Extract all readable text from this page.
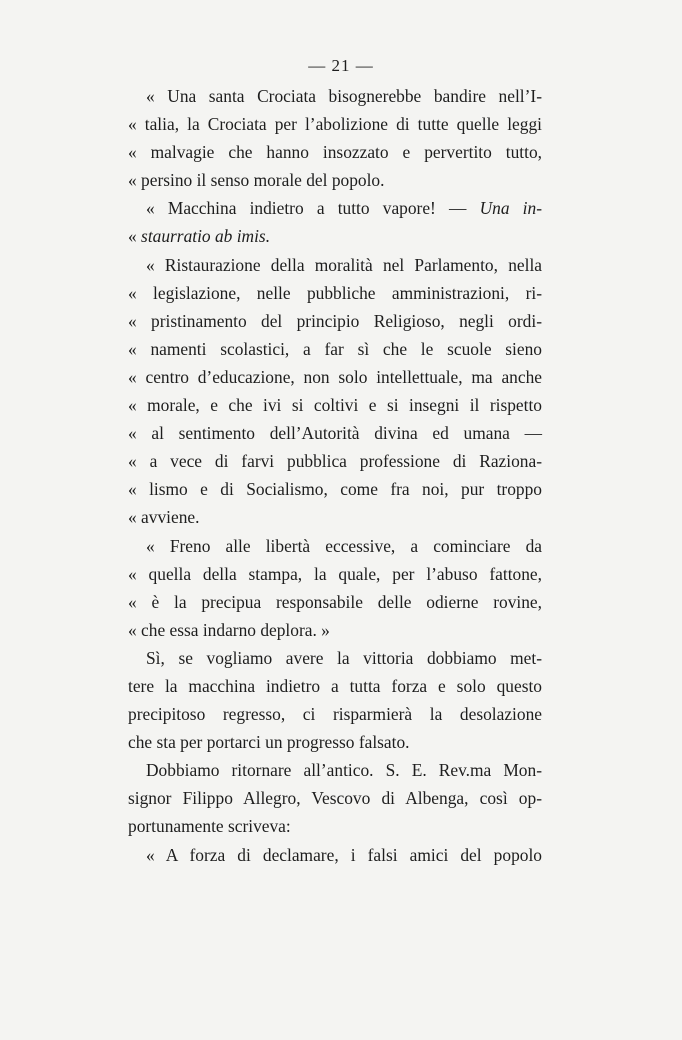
— 21 —
« Una santa Crociata bisognerebbe bandire nell’I-
« talia, la Crociata per l’abolizione di tutte quelle leggi
« malvagie che hanno insozzato e pervertito tutto,
« persino il senso morale del popolo.
« Macchina indietro a tutto vapore! — Una in-
« staurratio ab imis.
« Ristaurazione della moralità nel Parlamento, nella
« legislazione, nelle pubbliche amministrazioni, ri-
« pristinamento del principio Religioso, negli ordi-
« namenti scolastici, a far sì che le scuole sieno
« centro d’educazione, non solo intellettuale, ma anche
« morale, e che ivi si coltivi e si insegni il rispetto
« al sentimento dell’Autorità divina ed umana —
« a vece di farvi pubblica professione di Raziona-
« lismo e di Socialismo, come fra noi, pur troppo
« avviene.
« Freno alle libertà eccessive, a cominciare da
« quella della stampa, la quale, per l’abuso fattone,
« è la precipua responsabile delle odierne rovine,
« che essa indarno deplora. »
Sì, se vogliamo avere la vittoria dobbiamo met-
tere la macchina indietro a tutta forza e solo questo
precipitoso regresso, ci risparmierà la desolazione
che sta per portarci un progresso falsato.
Dobbiamo ritornare all’antico. S. E. Rev.ma Mon-
signor Filippo Allegro, Vescovo di Albenga, così op-
portunamente scriveva:
« A forza di declamare, i falsi amici del popolo
